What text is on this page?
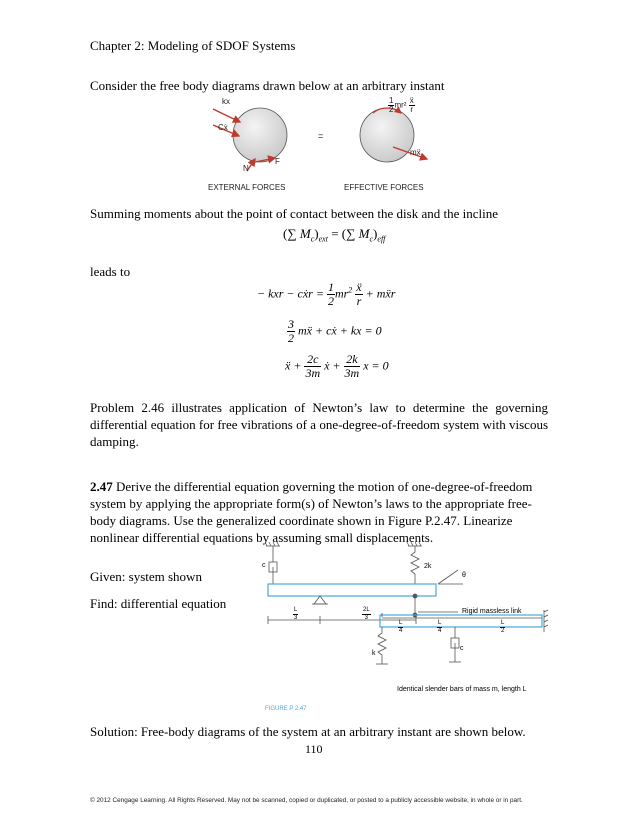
Chapter 2: Modeling of SDOF Systems
Consider the free body diagrams drawn below at an arbitrary instant
kx
Cẋ
N
F
=
mẍ
$\frac{1}{2} mr^2 \frac{\text{ẍ}}{r}$
EXTERNAL FORCES	EFFECTIVE FORCES
Summing moments about the point of contact between the disk and the incline
(∑ $M_c)_{ext}$ = (∑ $M_c)_{eff}$
leads to
− kxr − cẋr = $\frac{1}{2} mr^2 \frac{\text{ẍ}}{r}$ + mẍr
$\frac{3}{2}$ mẍ + cẋ + kx = 0
ẍ + $\frac{2c}{3m}$ ẋ + $\frac{2k}{3m}$ x = 0
Problem 2.46 illustrates application of Newton’s law to determine the governing differential equation for free vibrations of a one-degree-of-freedom system with viscous damping.
2.47 Derive the differential equation governing the motion of one-degree-of-freedom system by applying the appropriate form(s) of Newton’s laws to the appropriate free-body diagrams. Use the generalized coordinate shown in Figure P.2.47. Linearize nonlinear differential equations by assuming small displacements.
Given: system shown
Find: differential equation
c	2k
θ
$\frac{L}{3}$	$\frac{2L}{3}$	Rigid massless link
k
c
$\frac{L}{4}$	$\frac{L}{4}$	$\frac{L}{2}$
Identical slender bars of mass m, length L
FIGURE P 2.47
Solution: Free-body diagrams of the system at an arbitrary instant are shown below.
110
© 2012 Cengage Learning. All Rights Reserved. May not be scanned, copied or duplicated, or posted to a publicly accessible website, in whole or in part.
